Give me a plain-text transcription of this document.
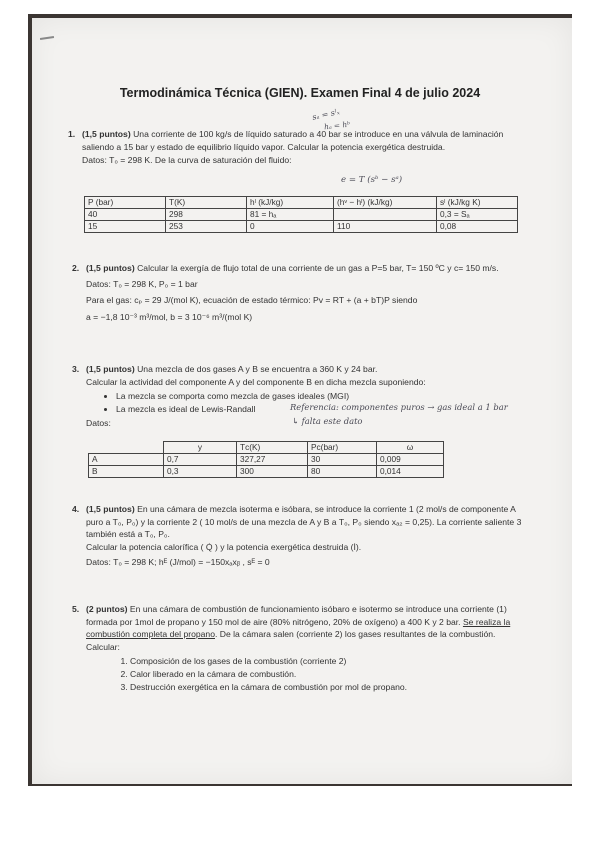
Termodinámica Técnica (GIEN). Examen Final 4 de julio 2024
1. (1,5 puntos) Una corriente de 100 kg/s de líquido saturado a 40 bar se introduce en una válvula de laminación saliendo a 15 bar y estado de equilibrio líquido vapor. Calcular la potencia exergética destruida.

Datos: T₀ = 298 K. De la curva de saturación del fluido:

sₐ = sˡₓ
hₐ = hᵇ
e = T (sᵇ − sᵃ)
P (bar)	T(K)	hˡ (kJ/kg)	(hᵛ − hˡ) (kJ/kg)	sˡ (kJ/kg K)
40	298	81 = hₐ		0,3 = Sₐ
15	253	0	110	0,08
2. (1,5 puntos) Calcular la exergía de flujo total de una corriente de un gas a P=5 bar, T= 150 ºC y c= 150 m/s.

Datos: T₀ = 298 K, P₀ = 1 bar

Para el gas: cₚ = 29 J/(mol K), ecuación de estado térmico: Pv = RT + (a + bT)P siendo

a = −1,8 10⁻³ m³/mol, b = 3 10⁻⁶ m³/(mol K)

3. (1,5 puntos) Una mezcla de dos gases A y B se encuentra a 360 K y 24 bar.

Calcular la actividad del componente A y del componente B en dicha mezcla suponiendo:

• La mezcla se comporta como mezcla de gases ideales (MGI)
• La mezcla es ideal de Lewis-Randall

Datos:

Referencia: componentes puros → gas ideal a 1 bar
↳ falta este dato
	y	Tᴄ(K)	Pᴄ(bar)	ω
A	0,7	327,27	30	0,009
B	0,3	300	80	0,014
4. (1,5 puntos) En una cámara de mezcla isoterma e isóbara, se introduce la corriente 1 (2 mol/s de componente A puro a T₀, P₀) y la corriente 2 ( 10 mol/s de una mezcla de A y B a T₀, P₀ siendo xₐ₂ = 0,25). La corriente saliente 3 también está a T₀, P₀.

Calcular la potencia calorífica ( Q̇ ) y la potencia exergética destruida (İ).

Datos: T₀ = 298 K; hᴱ (J/mol) = −150xₐxᵦ , sᴱ = 0

5. (2 puntos) En una cámara de combustión de funcionamiento isóbaro e isotermo se introduce una corriente (1) formada por 1mol de propano y 150 mol de aire (80% nitrógeno, 20% de oxígeno) a 400 K y 2 bar. Se realiza la combustión completa del propano. De la cámara salen (corriente 2) los gases resultantes de la combustión.

Calcular:

1. Composición de los gases de la combustión (corriente 2)
2. Calor liberado en la cámara de combustión.
3. Destrucción exergética en la cámara de combustión por mol de propano.
